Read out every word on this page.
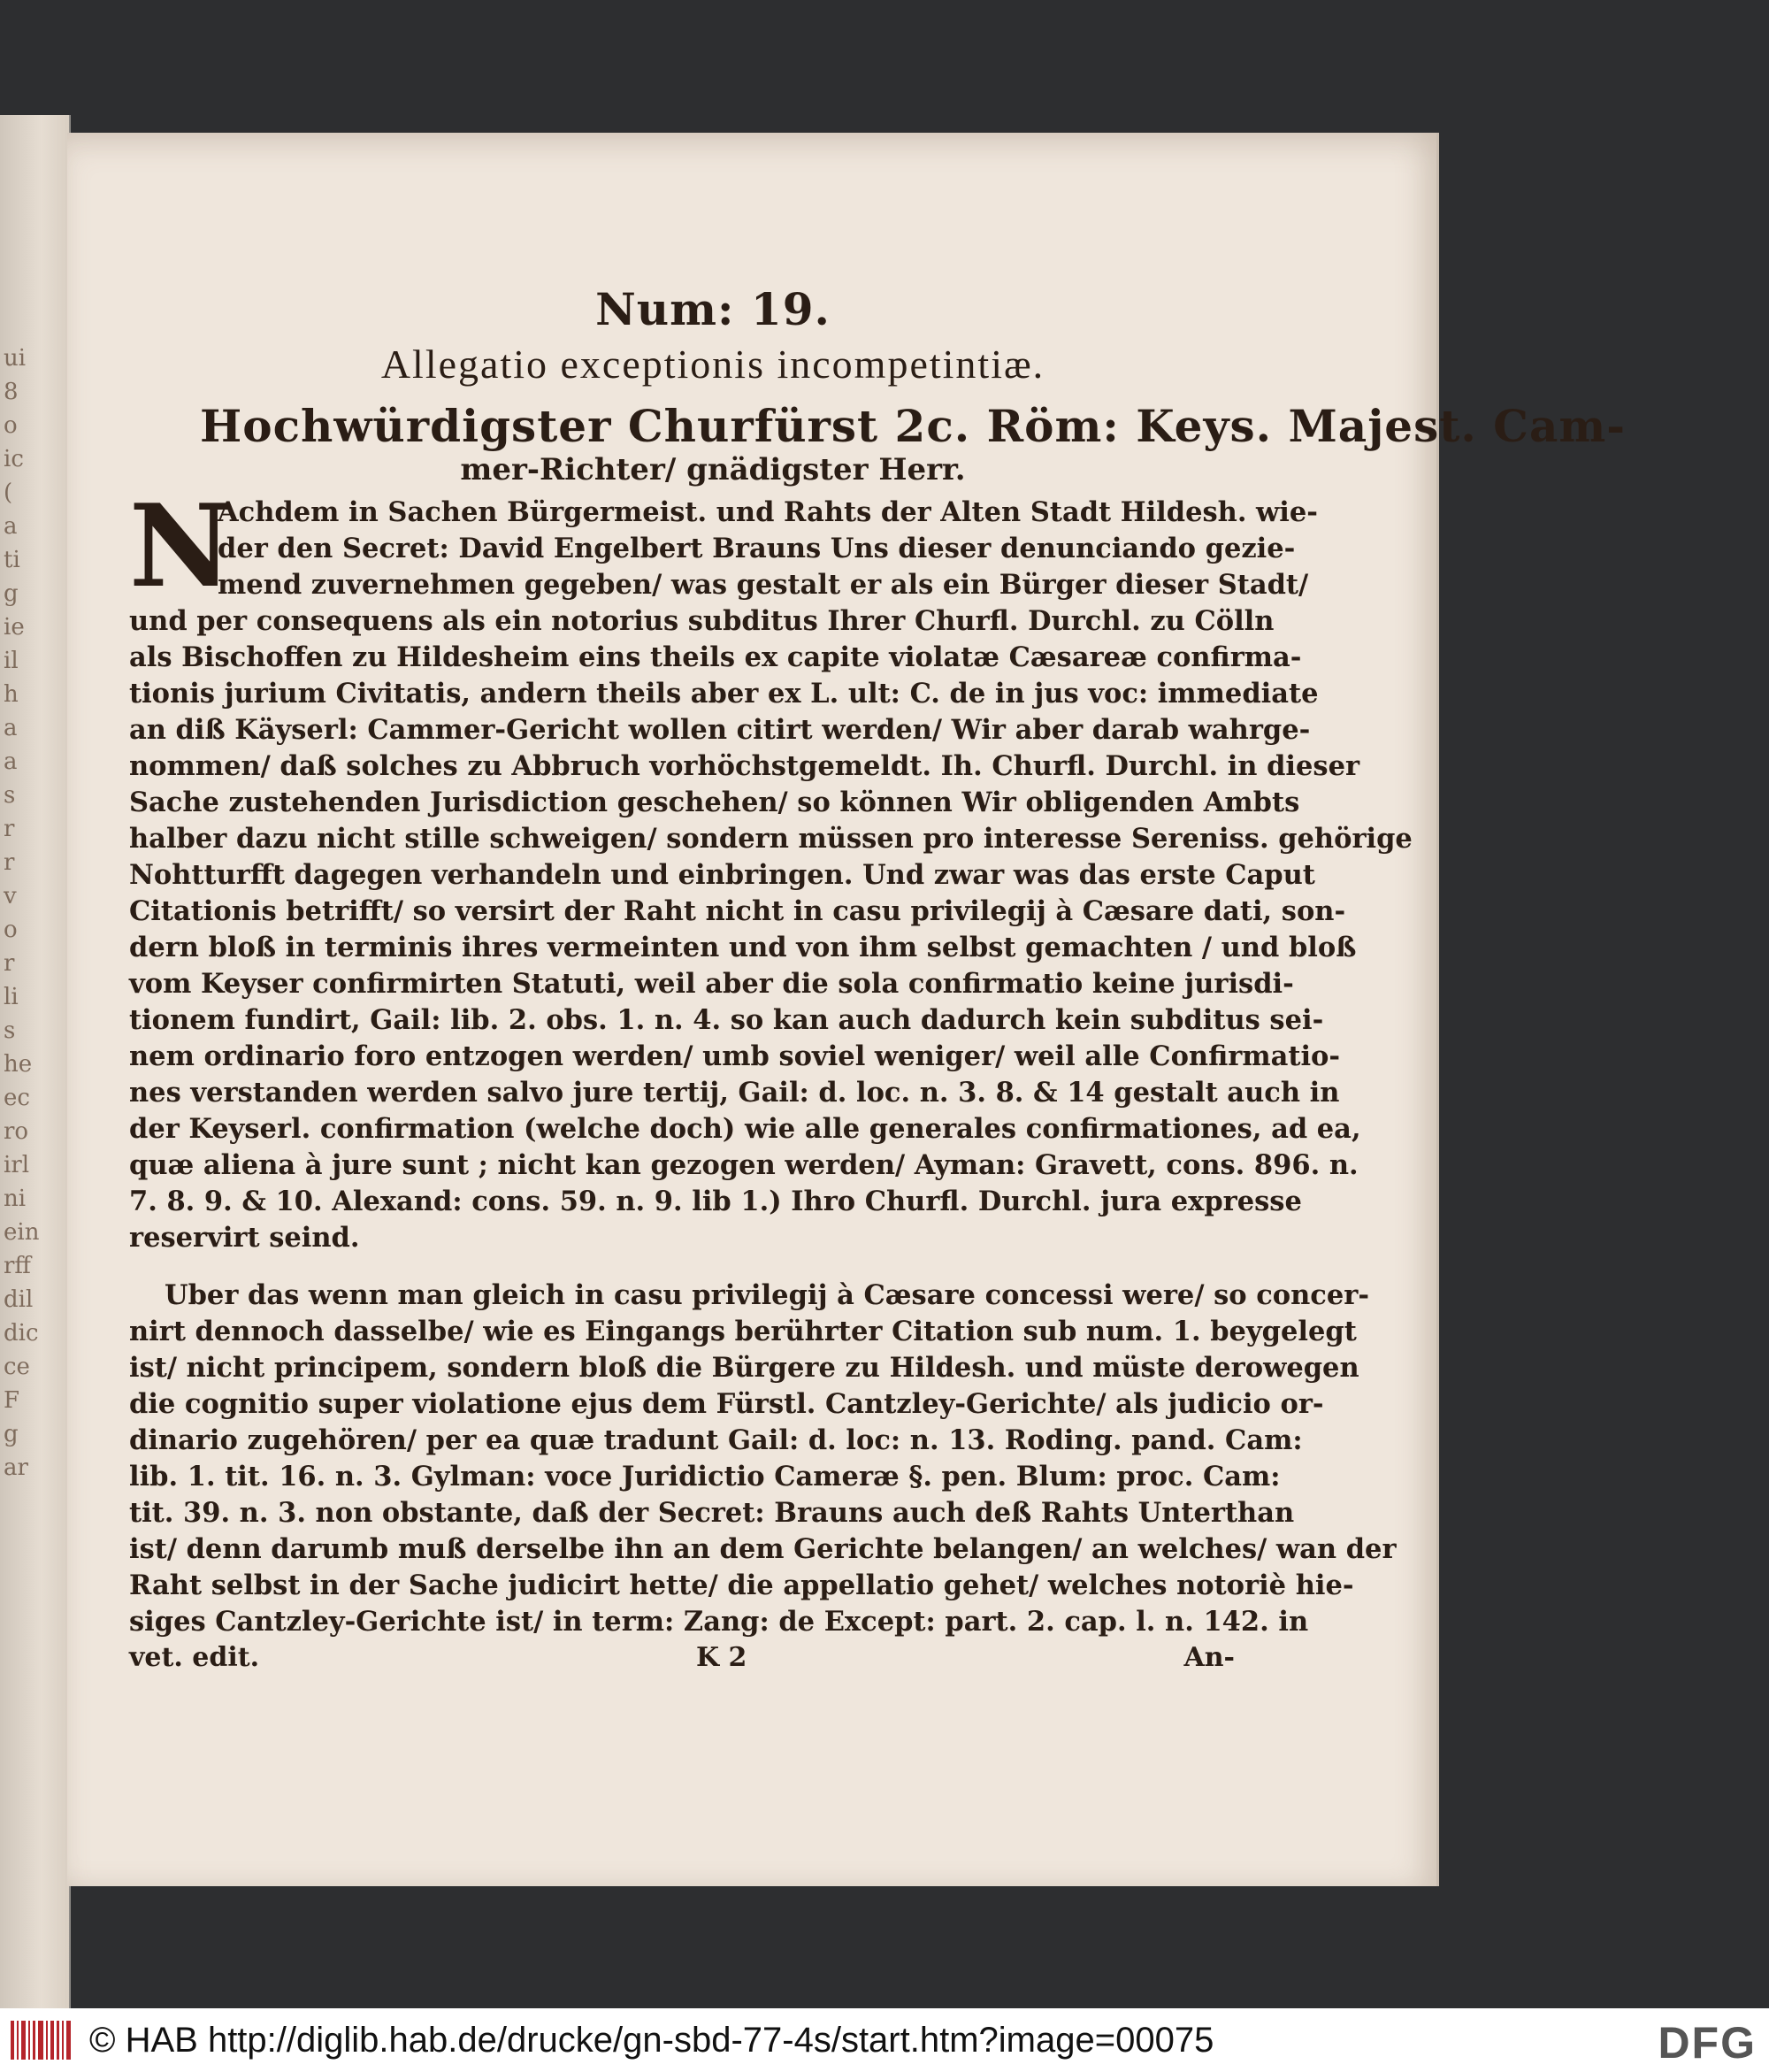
ui
8
o
ic
(
a
ti
g
ie
il
h
a
a
s
r
r
v
o
r
li
s
he
ec
ro
irl
ni
ein
rff
dil
dic
ce
F
g
ar
Num: 19.
Allegatio exceptionis incompetintiæ.
Hochwürdigster Churfürst 2c. Röm: Keys. Majest. Cam-
mer-Richter/ gnädigster Herr.
N
Achdem in Sachen Bürgermeist. und Rahts der Alten Stadt Hildesh. wie-
der den Secret: David Engelbert Brauns Uns dieser denunciando gezie-
mend zuvernehmen gegeben/ was gestalt er als ein Bürger dieser Stadt/
und per consequens als ein notorius subditus Ihrer Churfl. Durchl. zu Cölln
als Bischoffen zu Hildesheim eins theils ex capite violatæ Cæsareæ confirma-
tionis jurium Civitatis, andern theils aber ex L. ult: C. de in jus voc: immediate
an diß Käyserl: Cammer-Gericht wollen citirt werden/ Wir aber darab wahrge-
nommen/ daß solches zu Abbruch vorhöchstgemeldt. Ih. Churfl. Durchl. in dieser
Sache zustehenden Jurisdiction geschehen/ so können Wir obligenden Ambts
halber dazu nicht stille schweigen/ sondern müssen pro interesse Sereniss. gehörige
Nohtturfft dagegen verhandeln und einbringen. Und zwar was das erste Caput
Citationis betrifft/ so versirt der Raht nicht in casu privilegij à Cæsare dati, son-
dern bloß in terminis ihres vermeinten und von ihm selbst gemachten / und bloß
vom Keyser confirmirten Statuti, weil aber die sola confirmatio keine jurisdi-
tionem fundirt, Gail: lib. 2. obs. 1. n. 4. so kan auch dadurch kein subditus sei-
nem ordinario foro entzogen werden/ umb soviel weniger/ weil alle Confirmatio-
nes verstanden werden salvo jure tertij, Gail: d. loc. n. 3. 8. & 14 gestalt auch in
der Keyserl. confirmation (welche doch) wie alle generales confirmationes, ad ea,
quæ aliena à jure sunt ; nicht kan gezogen werden/ Ayman: Gravett, cons. 896. n.
7. 8. 9. & 10. Alexand: cons. 59. n. 9. lib 1.) Ihro Churfl. Durchl. jura expresse
reservirt seind.
Uber das wenn man gleich in casu privilegij à Cæsare concessi were/ so concer-
nirt dennoch dasselbe/ wie es Eingangs berührter Citation sub num. 1. beygelegt
ist/ nicht principem, sondern bloß die Bürgere zu Hildesh. und müste derowegen
die cognitio super violatione ejus dem Fürstl. Cantzley-Gerichte/ als judicio or-
dinario zugehören/ per ea quæ tradunt Gail: d. loc: n. 13. Roding. pand. Cam:
lib. 1. tit. 16. n. 3. Gylman: voce Juridictio Cameræ §. pen. Blum: proc. Cam:
tit. 39. n. 3. non obstante, daß der Secret: Brauns auch deß Rahts Unterthan
ist/ denn darumb muß derselbe ihn an dem Gerichte belangen/ an welches/ wan der
Raht selbst in der Sache judicirt hette/ die appellatio gehet/ welches notoriè hie-
siges Cantzley-Gerichte ist/ in term: Zang: de Except: part. 2. cap. l. n. 142. in
vet. edit.	K 2	An-
© HAB http://diglib.hab.de/drucke/gn-sbd-77-4s/start.htm?image=00075	DFG
